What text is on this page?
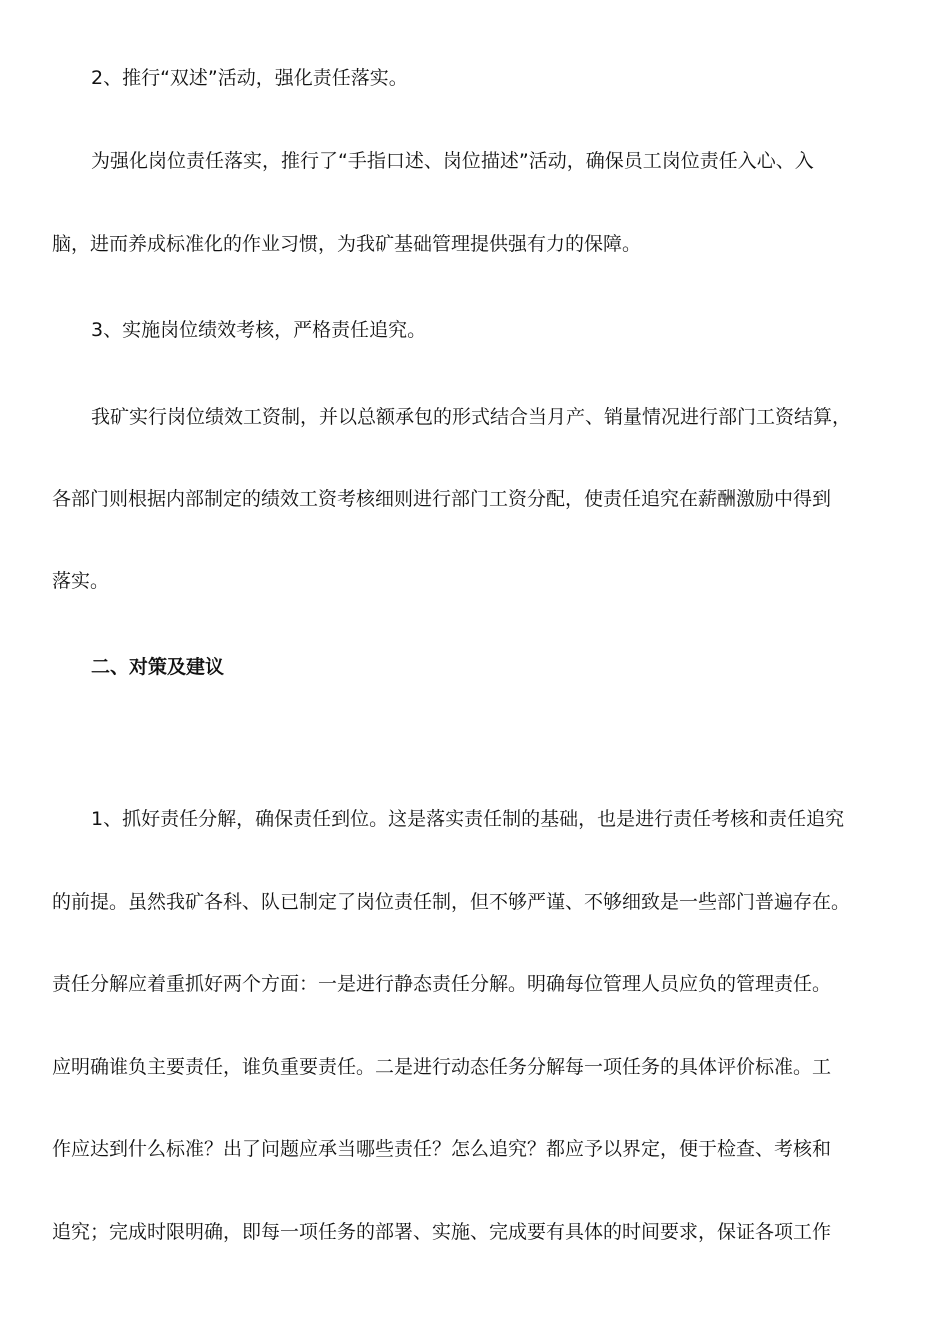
2、推行“双述”活动，强化责任落实。
为强化岗位责任落实，推行了“手指口述、岗位描述”活动，确保员工岗位责任入心、入
脑，进而养成标准化的作业习惯，为我矿基础管理提供强有力的保障。
3、实施岗位绩效考核，严格责任追究。
我矿实行岗位绩效工资制，并以总额承包的形式结合当月产、销量情况进行部门工资结算，
各部门则根据内部制定的绩效工资考核细则进行部门工资分配，使责任追究在薪酬激励中得到
落实。
二、对策及建议
1、抓好责任分解，确保责任到位。这是落实责任制的基础，也是进行责任考核和责任追究
的前提。虽然我矿各科、队已制定了岗位责任制，但不够严谨、不够细致是一些部门普遍存在。
责任分解应着重抓好两个方面：一是进行静态责任分解。明确每位管理人员应负的管理责任。
应明确谁负主要责任，谁负重要责任。二是进行动态任务分解每一项任务的具体评价标准。工
作应达到什么标准？出了问题应承当哪些责任？怎么追究？都应予以界定，便于检查、考核和
追究；完成时限明确，即每一项任务的部署、实施、完成要有具体的时间要求，保证各项工作
